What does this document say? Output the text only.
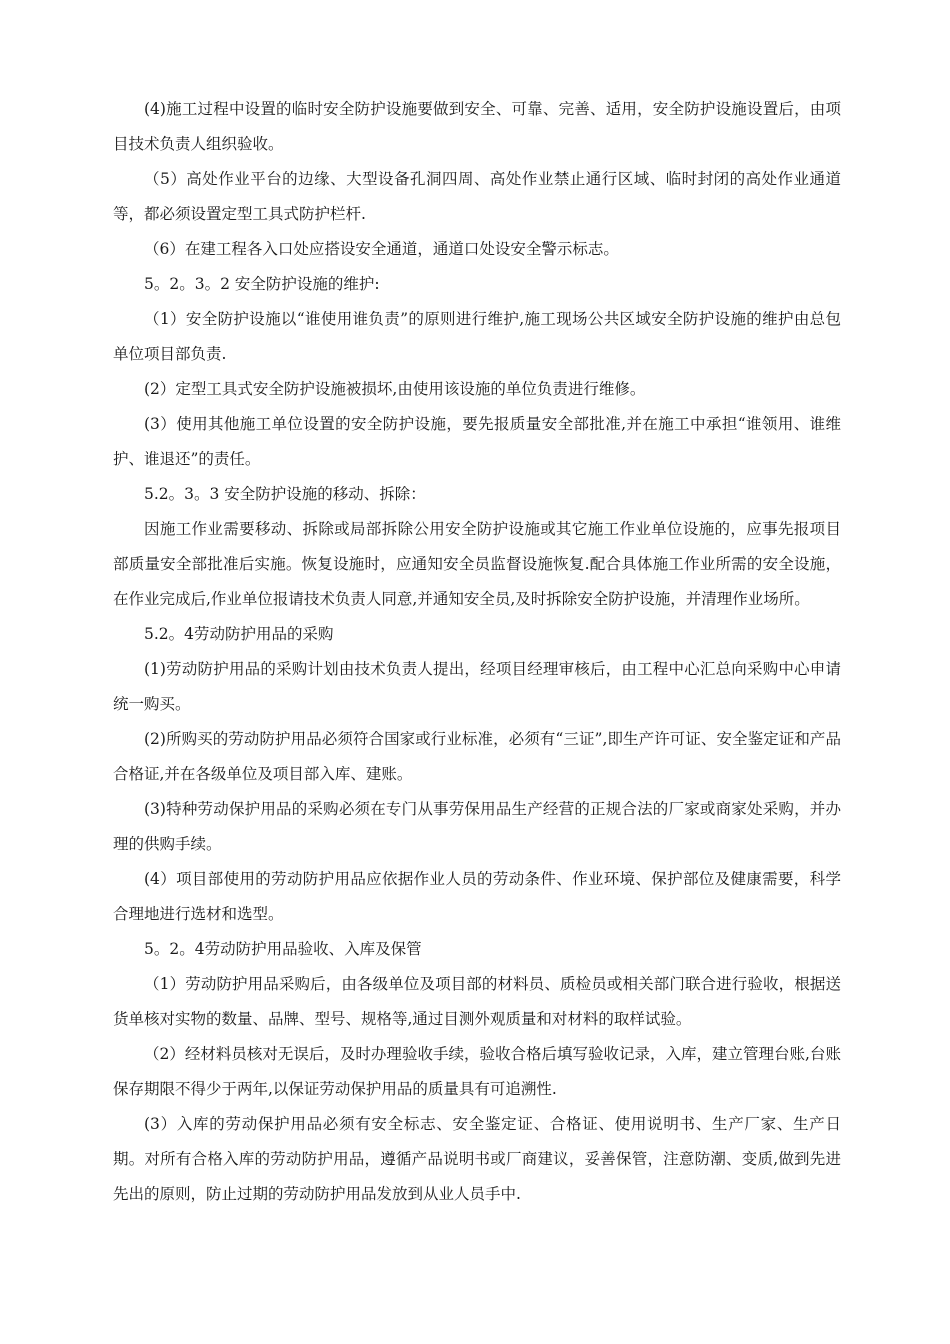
(4)施工过程中设置的临时安全防护设施要做到安全、可靠、完善、适用，安全防护设施设置后，由项目技术负责人组织验收。

（5）高处作业平台的边缘、大型设备孔洞四周、高处作业禁止通行区域、临时封闭的高处作业通道等，都必须设置定型工具式防护栏杆.

（6）在建工程各入口处应搭设安全通道，通道口处设安全警示标志。

5。2。3。2 安全防护设施的维护:

（1）安全防护设施以“谁使用谁负责”的原则进行维护,施工现场公共区域安全防护设施的维护由总包单位项目部负责.

(2）定型工具式安全防护设施被损坏,由使用该设施的单位负责进行维修。

(3）使用其他施工单位设置的安全防护设施，要先报质量安全部批准,并在施工中承担“谁领用、谁维护、谁退还”的责任。

5.2。3。3 安全防护设施的移动、拆除：

因施工作业需要移动、拆除或局部拆除公用安全防护设施或其它施工作业单位设施的，应事先报项目部质量安全部批准后实施。恢复设施时，应通知安全员监督设施恢复.配合具体施工作业所需的安全设施，在作业完成后,作业单位报请技术负责人同意,并通知安全员,及时拆除安全防护设施，并清理作业场所。

5.2。4劳动防护用品的采购

(1)劳动防护用品的采购计划由技术负责人提出，经项目经理审核后，由工程中心汇总向采购中心申请统一购买。

(2)所购买的劳动防护用品必须符合国家或行业标准，必须有“三证”,即生产许可证、安全鉴定证和产品合格证,并在各级单位及项目部入库、建账。

(3)特种劳动保护用品的采购必须在专门从事劳保用品生产经营的正规合法的厂家或商家处采购，并办理的供购手续。

(4）项目部使用的劳动防护用品应依据作业人员的劳动条件、作业环境、保护部位及健康需要，科学合理地进行选材和选型。

5。2。4劳动防护用品验收、入库及保管

（1）劳动防护用品采购后，由各级单位及项目部的材料员、质检员或相关部门联合进行验收，根据送货单核对实物的数量、品牌、型号、规格等,通过目测外观质量和对材料的取样试验。

（2）经材料员核对无误后，及时办理验收手续，验收合格后填写验收记录，入库，建立管理台账,台账保存期限不得少于两年,以保证劳动保护用品的质量具有可追溯性.

(3）入库的劳动保护用品必须有安全标志、安全鉴定证、合格证、使用说明书、生产厂家、生产日期。对所有合格入库的劳动防护用品，遵循产品说明书或厂商建议，妥善保管，注意防潮、变质,做到先进先出的原则，防止过期的劳动防护用品发放到从业人员手中.
